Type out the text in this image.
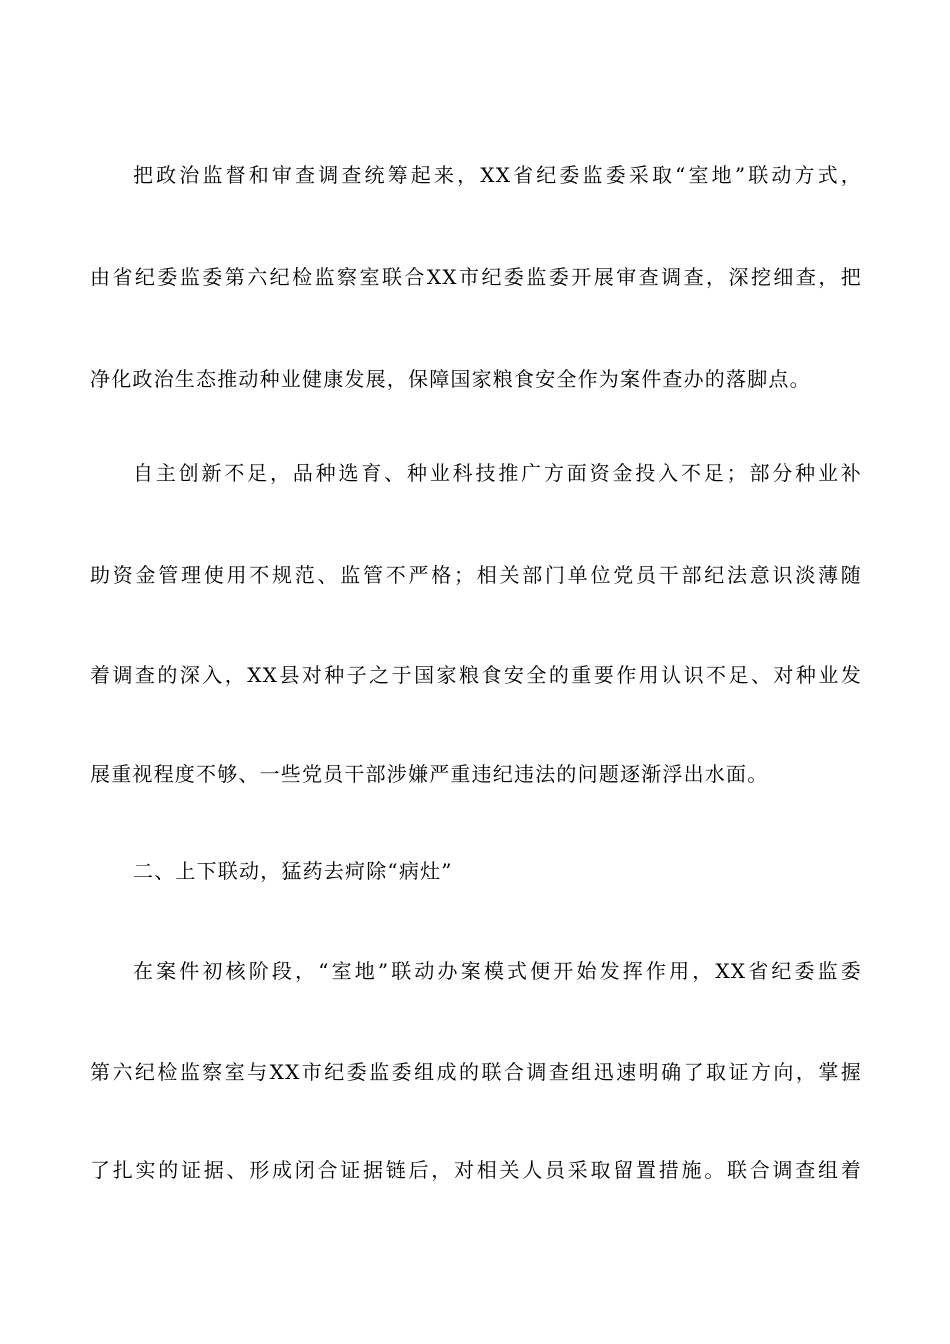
把政治监督和审查调查统筹起来，XX省纪委监委采取“室地”联动方式，
由省纪委监委第六纪检监察室联合XX市纪委监委开展审查调查，深挖细查，把
净化政治生态推动种业健康发展，保障国家粮食安全作为案件查办的落脚点。
自主创新不足，品种选育、种业科技推广方面资金投入不足；部分种业补
助资金管理使用不规范、监管不严格；相关部门单位党员干部纪法意识淡薄随
着调查的深入，XX县对种子之于国家粮食安全的重要作用认识不足、对种业发
展重视程度不够、一些党员干部涉嫌严重违纪违法的问题逐渐浮出水面。
二、上下联动，猛药去疴除“病灶”
在案件初核阶段，“室地”联动办案模式便开始发挥作用，XX省纪委监委
第六纪检监察室与XX市纪委监委组成的联合调查组迅速明确了取证方向，掌握
了扎实的证据、形成闭合证据链后，对相关人员采取留置措施。联合调查组着
